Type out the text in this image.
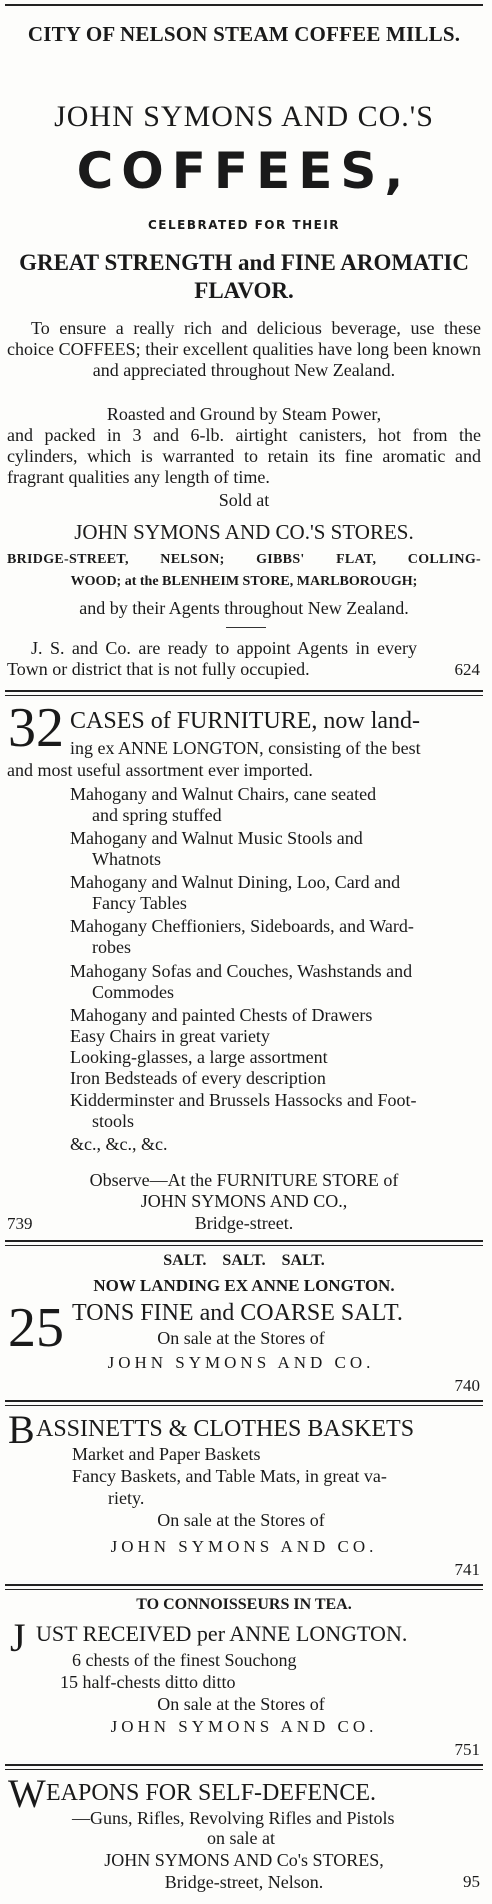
CITY OF NELSON STEAM COFFEE MILLS.
JOHN SYMONS AND CO.'S
COFFEES,
CELEBRATED FOR THEIR
GREAT STRENGTH and FINE AROMATIC
FLAVOR.
To ensure a really rich and delicious beverage, use these choice COFFEES; their excellent qualities have long been known and appreciated throughout New Zealand.
Roasted and Ground by Steam Power,
and packed in 3 and 6-lb. airtight canisters, hot from the cylinders, which is warranted to retain its fine aromatic and fragrant qualities any length of time.
Sold at
JOHN SYMONS AND CO.'S STORES.
BRIDGE-STREET, NELSON; GIBBS' FLAT, COLLING-
WOOD; at the BLENHEIM STORE, MARLBOROUGH;
and by their Agents throughout New Zealand.
J. S. and Co. are ready to appoint Agents in every Town or district that is not fully occupied.	624
32 CASES of FURNITURE, now land-
ing ex ANNE LONGTON, consisting of the best
and most useful assortment ever imported.
Mahogany and Walnut Chairs, cane seated
and spring stuffed
Mahogany and Walnut Music Stools and
Whatnots
Mahogany and Walnut Dining, Loo, Card and
Fancy Tables
Mahogany Cheffioniers, Sideboards, and Ward-
robes
Mahogany Sofas and Couches, Washstands and
Commodes
Mahogany and painted Chests of Drawers
Easy Chairs in great variety
Looking-glasses, a large assortment
Iron Bedsteads of every description
Kidderminster and Brussels Hassocks and Foot-
stools
&c., &c., &c.
Observe—At the FURNITURE STORE of
JOHN SYMONS AND CO.,
Bridge-street.
739
SALT.    SALT.    SALT.
NOW LANDING EX ANNE LONGTON.
25 TONS FINE and COARSE SALT.
On sale at the Stores of
JOHN SYMONS AND CO.
740
B ASSINETTS & CLOTHES BASKETS
Market and Paper Baskets
Fancy Baskets, and Table Mats, in great va-
riety.
On sale at the Stores of
JOHN SYMONS AND CO.
741
TO CONNOISSEURS IN TEA.
J UST RECEIVED per ANNE LONGTON.
6 chests of the finest Souchong
15 half-chests ditto ditto
On sale at the Stores of
JOHN SYMONS AND CO.
751
W EAPONS FOR SELF-DEFENCE.
—Guns, Rifles, Revolving Rifles and Pistols
on sale at
JOHN SYMONS AND Co's STORES,
Bridge-street, Nelson.	95
